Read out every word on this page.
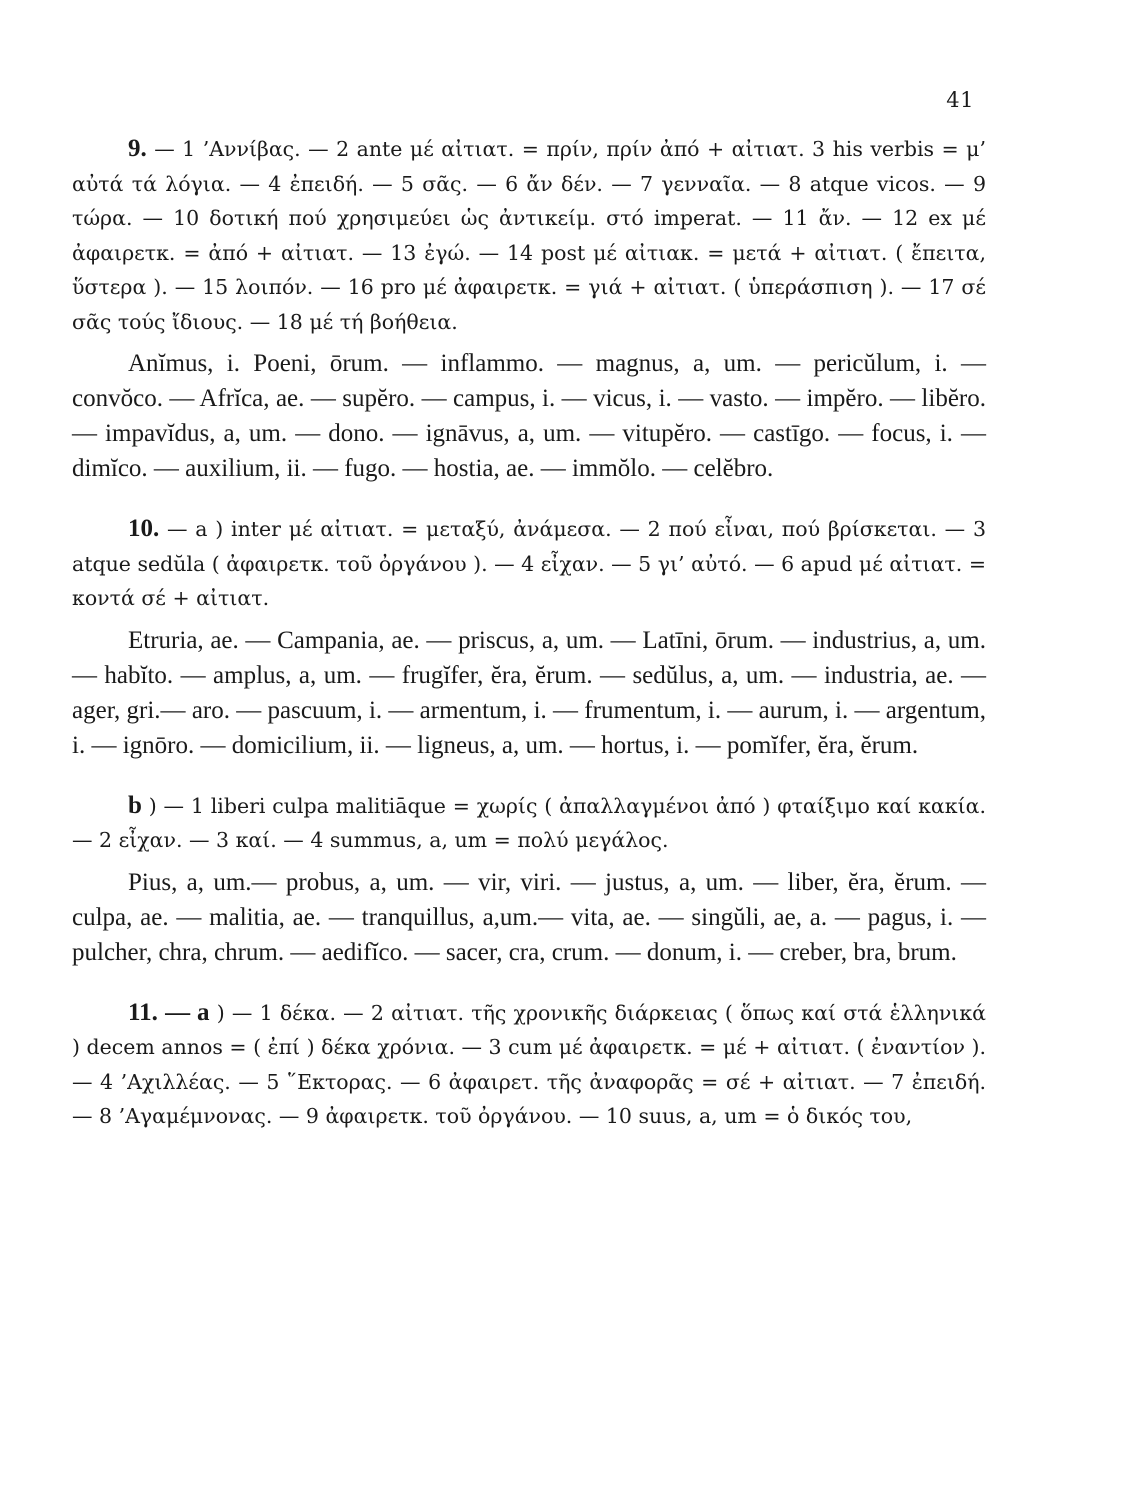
41

9. — 1 ’Αννίβας. — 2 ante μέ αἰτιατ. = πρίν, πρίν ἀπό + αἰτιατ. 3 his verbis = μ’ αὐτά τά λόγια. — 4 ἐπειδή. — 5 σᾶς. — 6 ἄν δέν. — 7 γενναῖα. — 8 atque vicos. — 9 τώρα. — 10 δοτική πού χρησιμεύει ὡς ἀντικείμ. στό imperat. — 11 ἄν. — 12 ex μέ ἀφαιρετκ. = ἀπό + αἰτιατ. — 13 ἐγώ. — 14 post μέ αἰτιακ. = μετά + αἰτιατ. ( ἔπειτα, ὕστερα ). — 15 λοιπόν. — 16 pro μέ ἀφαιρετκ. = γιά + αἰτιατ. ( ὑπεράσπιση ). — 17 σέ σᾶς τούς ἴδιους. — 18 μέ τή βοήθεια.

Anĭmus, i. Poeni, ōrum. — inflammo. — magnus, a, um. — pericŭlum, i. — convŏco. — Afrĭca, ae. — supĕro. — campus, i. — vicus, i. — vasto. — impĕro. — libĕro. — impavĭdus, a, um. — dono. — ignāvus, a, um. — vitupĕro. — castīgo. — focus, i. — dimĭco. — auxilium, ii. — fugo. — hostia, ae. — immŏlo. — celĕbro.

10. — a ) inter μέ αἰτιατ. = μεταξύ, ἀνάμεσα. — 2 πού εἶναι, πού βρίσκεται. — 3 atque sedŭla ( ἀφαιρετκ. τοῦ ὀργάνου ). — 4 εἶχαν. — 5 γι’ αὐτό. — 6 apud μέ αἰτιατ. = κοντά σέ + αἰτιατ.

Etruria, ae. — Campania, ae. — priscus, a, um. — Latīni, ōrum. — industrius, a, um.— habĭto. — amplus, a, um. — frugĭfer, ĕra, ĕrum. — sedŭlus, a, um. — industria, ae. — ager, gri.— aro. — pascuum, i. — armentum, i. — frumentum, i. — aurum, i. — argentum, i. — ignōro. — domicilium, ii. — ligneus, a, um. — hortus, i. — pomĭfer, ĕra, ĕrum.

b ) — 1 liberi culpa malitiāque = χωρίς ( ἀπαλλαγμένοι ἀπό ) φταίξιμο καί κακία. — 2 εἶχαν. — 3 καί. — 4 summus, a, um = πολύ μεγάλος.

Pius, a, um.— probus, a, um. — vir, viri. — justus, a, um. — liber, ĕra, ĕrum. — culpa, ae. — malitia, ae. — tranquillus, a,um.— vita, ae. — singŭli, ae, a. — pagus, i. — pulcher, chra, chrum. — aedifĭco. — sacer, cra, crum. — donum, i. — creber, bra, brum.

11. — a ) — 1 δέκα. — 2 αἰτιατ. τῆς χρονικῆς διάρκειας ( ὅπως καί στά ἑλληνικά ) decem annos = ( ἐπί ) δέκα χρόνια. — 3 cum μέ ἀφαιρετκ. = μέ + αἰτιατ. ( ἐναντίον ). — 4 ’Αχιλλέας. — 5 ῞Εκτορας. — 6 ἀφαιρετ. τῆς ἀναφορᾶς = σέ + αἰτιατ. — 7 ἐπειδή. — 8 ’Αγαμέμνονας. — 9 ἀφαιρετκ. τοῦ ὀργάνου. — 10 suus, a, um = ὁ δικός του,
